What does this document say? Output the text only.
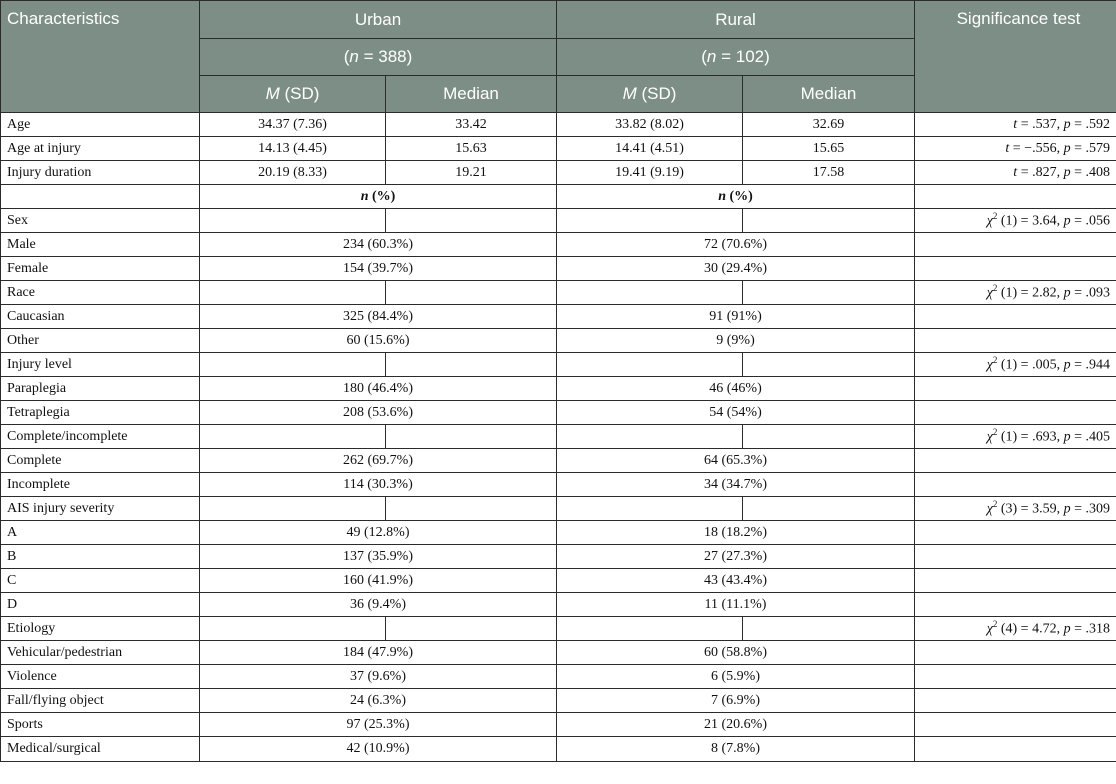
Characteristics	Urban		Rural		Significance test
	(n = 388)		(n = 102)		
	M (SD)	Median	M (SD)	Median	
Age	34.37 (7.36)	33.42	33.82 (8.02)	32.69	t = .537, p = .592
Age at injury	14.13 (4.45)	15.63	14.41 (4.51)	15.65	t = −.556, p = .579
Injury duration	20.19 (8.33)	19.21	19.41 (9.19)	17.58	t = .827, p = .408
	n (%)		n (%)		
Sex					$\chi^2$ (1) = 3.64, p = .056
Male	234 (60.3%)		72 (70.6%)		
Female	154 (39.7%)		30 (29.4%)		
Race					$\chi^2$ (1) = 2.82, p = .093
Caucasian	325 (84.4%)		91 (91%)		
Other	60 (15.6%)		9 (9%)		
Injury level					$\chi^2$ (1) = .005, p = .944
Paraplegia	180 (46.4%)		46 (46%)		
Tetraplegia	208 (53.6%)		54 (54%)		
Complete/incomplete					$\chi^2$ (1) = .693, p = .405
Complete	262 (69.7%)		64 (65.3%)		
Incomplete	114 (30.3%)		34 (34.7%)		
AIS injury severity					$\chi^2$ (3) = 3.59, p = .309
A	49 (12.8%)		18 (18.2%)		
B	137 (35.9%)		27 (27.3%)		
C	160 (41.9%)		43 (43.4%)		
D	36 (9.4%)		11 (11.1%)		
Etiology					$\chi^2$ (4) = 4.72, p = .318
Vehicular/pedestrian	184 (47.9%)		60 (58.8%)		
Violence	37 (9.6%)		6 (5.9%)		
Fall/flying object	24 (6.3%)		7 (6.9%)		
Sports	97 (25.3%)		21 (20.6%)		
Medical/surgical	42 (10.9%)		8 (7.8%)		
